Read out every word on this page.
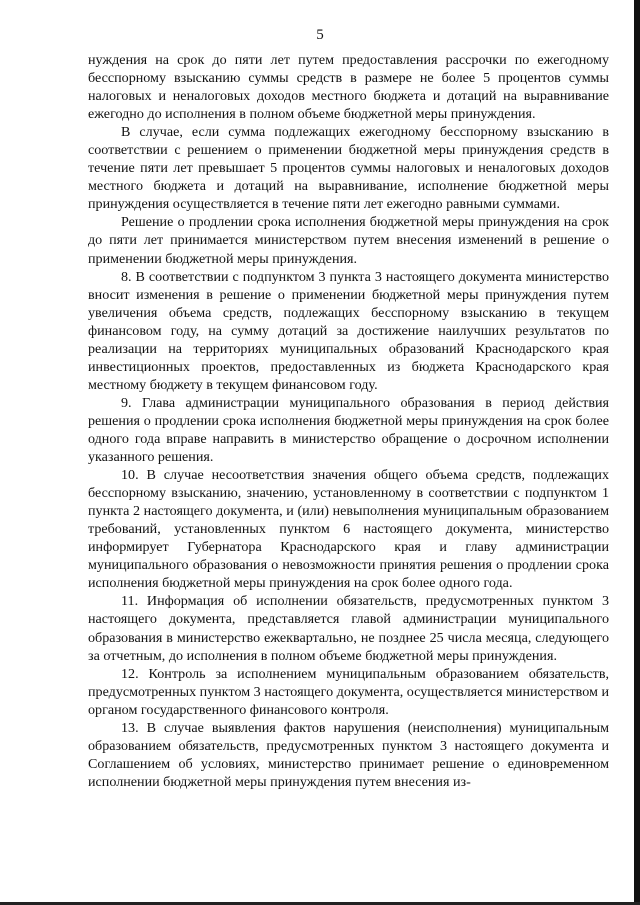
5

нуждения на срок до пяти лет путем предоставления рассрочки по ежегодному бесспорному взысканию суммы средств в размере не более 5 процентов суммы налоговых и неналоговых доходов местного бюджета и дотаций на выравнивание ежегодно до исполнения в полном объеме бюджетной меры принуждения.

В случае, если сумма подлежащих ежегодному бесспорному взысканию в соответствии с решением о применении бюджетной меры принуждения средств в течение пяти лет превышает 5 процентов суммы налоговых и неналоговых доходов местного бюджета и дотаций на выравнивание, исполнение бюджетной меры принуждения осуществляется в течение пяти лет ежегодно равными суммами.

Решение о продлении срока исполнения бюджетной меры принуждения на срок до пяти лет принимается министерством путем внесения изменений в решение о применении бюджетной меры принуждения.

8. В соответствии с подпунктом 3 пункта 3 настоящего документа министерство вносит изменения в решение о применении бюджетной меры принуждения путем увеличения объема средств, подлежащих бесспорному взысканию в текущем финансовом году, на сумму дотаций за достижение наилучших результатов по реализации на территориях муниципальных образований Краснодарского края инвестиционных проектов, предоставленных из бюджета Краснодарского края местному бюджету в текущем финансовом году.

9. Глава администрации муниципального образования в период действия решения о продлении срока исполнения бюджетной меры принуждения на срок более одного года вправе направить в министерство обращение о досрочном исполнении указанного решения.

10. В случае несоответствия значения общего объема средств, подлежащих бесспорному взысканию, значению, установленному в соответствии с подпунктом 1 пункта 2 настоящего документа, и (или) невыполнения муниципальным образованием требований, установленных пунктом 6 настоящего документа, министерство информирует Губернатора Краснодарского края и главу администрации муниципального образования о невозможности принятия решения о продлении срока исполнения бюджетной меры принуждения на срок более одного года.

11. Информация об исполнении обязательств, предусмотренных пунктом 3 настоящего документа, представляется главой администрации муниципального образования в министерство ежеквартально, не позднее 25 числа месяца, следующего за отчетным, до исполнения в полном объеме бюджетной меры принуждения.

12. Контроль за исполнением муниципальным образованием обязательств, предусмотренных пунктом 3 настоящего документа, осуществляется министерством и органом государственного финансового контроля.

13. В случае выявления фактов нарушения (неисполнения) муниципальным образованием обязательств, предусмотренных пунктом 3 настоящего документа и Соглашением об условиях, министерство принимает решение о единовременном исполнении бюджетной меры принуждения путем внесения из-
